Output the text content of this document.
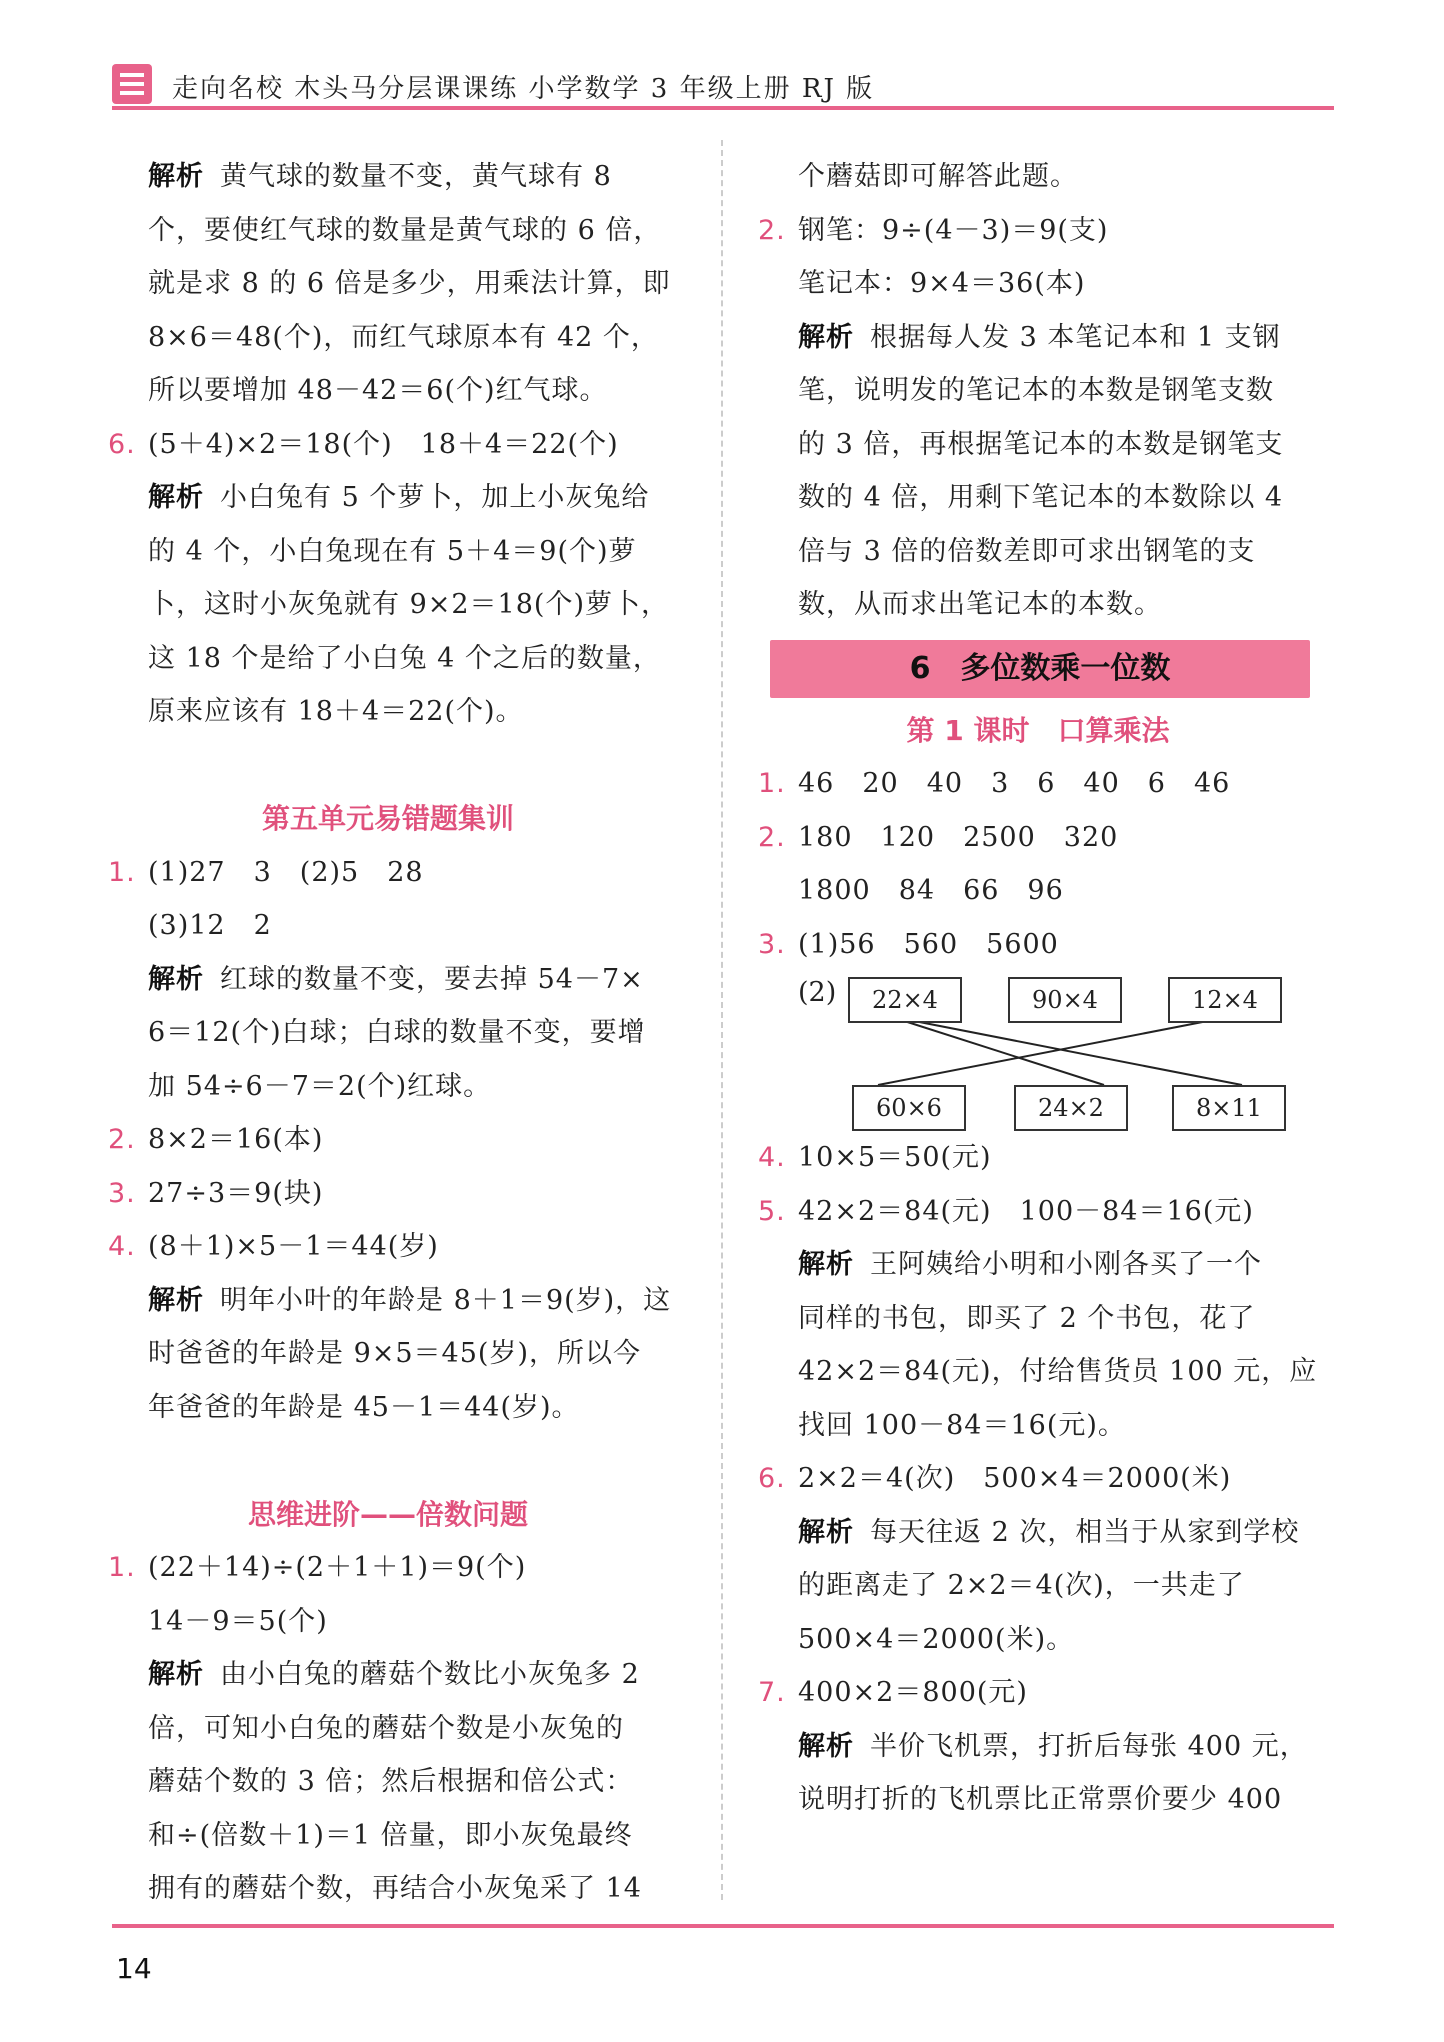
走向名校 木头马分层课课练 小学数学 3 年级上册 RJ 版
解析 黄气球的数量不变，黄气球有 8
个，要使红气球的数量是黄气球的 6 倍，
就是求 8 的 6 倍是多少，用乘法计算，即
8×6＝48(个)，而红气球原本有 42 个，
所以要增加 48－42＝6(个)红气球。
6. (5＋4)×2＝18(个)　18＋4＝22(个)
解析 小白兔有 5 个萝卜，加上小灰兔给
的 4 个，小白兔现在有 5＋4＝9(个)萝
卜，这时小灰兔就有 9×2＝18(个)萝卜，
这 18 个是给了小白兔 4 个之后的数量，
原来应该有 18＋4＝22(个)。
第五单元易错题集训
1. (1)27　3　(2)5　28
(3)12　2
解析 红球的数量不变，要去掉 54－7×
6＝12(个)白球；白球的数量不变，要增
加 54÷6－7＝2(个)红球。
2. 8×2＝16(本)
3. 27÷3＝9(块)
4. (8＋1)×5－1＝44(岁)
解析 明年小叶的年龄是 8＋1＝9(岁)，这
时爸爸的年龄是 9×5＝45(岁)，所以今
年爸爸的年龄是 45－1＝44(岁)。
思维进阶——倍数问题
1. (22＋14)÷(2＋1＋1)＝9(个)
14－9＝5(个)
解析 由小白兔的蘑菇个数比小灰兔多 2
倍，可知小白兔的蘑菇个数是小灰兔的
蘑菇个数的 3 倍；然后根据和倍公式：
和÷(倍数＋1)＝1 倍量，即小灰兔最终
拥有的蘑菇个数，再结合小灰兔采了 14
个蘑菇即可解答此题。
2. 钢笔：9÷(4－3)＝9(支)
笔记本：9×4＝36(本)
解析 根据每人发 3 本笔记本和 1 支钢
笔，说明发的笔记本的本数是钢笔支数
的 3 倍，再根据笔记本的本数是钢笔支
数的 4 倍，用剩下笔记本的本数除以 4
倍与 3 倍的倍数差即可求出钢笔的支
数，从而求出笔记本的本数。
6　多位数乘一位数
第 1 课时　口算乘法
1. 46　20　40　3　6　40　6　46
2. 180　120　2500　320
1800　84　66　96
3. (1)56　560　5600
(2)	22×4	90×4	12×4
60×6	24×2	8×11
4. 10×5＝50(元)
5. 42×2＝84(元)　100－84＝16(元)
解析 王阿姨给小明和小刚各买了一个
同样的书包，即买了 2 个书包，花了
42×2＝84(元)，付给售货员 100 元，应
找回 100－84＝16(元)。
6. 2×2＝4(次)　500×4＝2000(米)
解析 每天往返 2 次，相当于从家到学校
的距离走了 2×2＝4(次)，一共走了
500×4＝2000(米)。
7. 400×2＝800(元)
解析 半价飞机票，打折后每张 400 元，
说明打折的飞机票比正常票价要少 400
14
